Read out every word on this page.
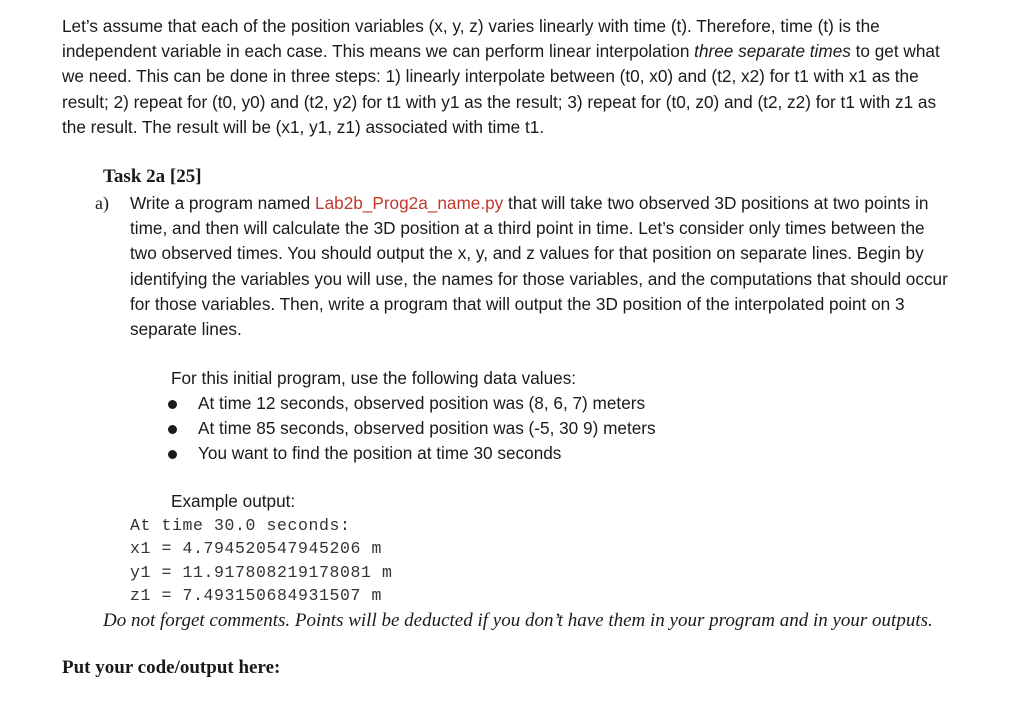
Let’s assume that each of the position variables (x, y, z) varies linearly with time (t). Therefore, time (t) is the independent variable in each case. This means we can perform linear interpolation three separate times to get what we need. This can be done in three steps: 1) linearly interpolate between (t0, x0) and (t2, x2) for t1 with x1 as the result; 2) repeat for (t0, y0) and (t2, y2) for t1 with y1 as the result; 3) repeat for (t0, z0) and (t2, z2) for t1 with z1 as the result. The result will be (x1, y1, z1) associated with time t1.

Task 2a [25]
a) Write a program named Lab2b_Prog2a_name.py that will take two observed 3D positions at two points in time, and then will calculate the 3D position at a third point in time. Let’s consider only times between the two observed times. You should output the x, y, and z values for that position on separate lines. Begin by identifying the variables you will use, the names for those variables, and the computations that should occur for those variables. Then, write a program that will output the 3D position of the interpolated point on 3 separate lines.

For this initial program, use the following data values:

At time 12 seconds, observed position was (8, 6, 7) meters
At time 85 seconds, observed position was (-5, 30 9) meters
You want to find the position at time 30 seconds

Example output:

At time 30.0 seconds:
x1 = 4.794520547945206 m
y1 = 11.917808219178081 m
z1 = 7.493150684931507 m

Do not forget comments. Points will be deducted if you don’t have them in your program and in your outputs.

Put your code/output here:
